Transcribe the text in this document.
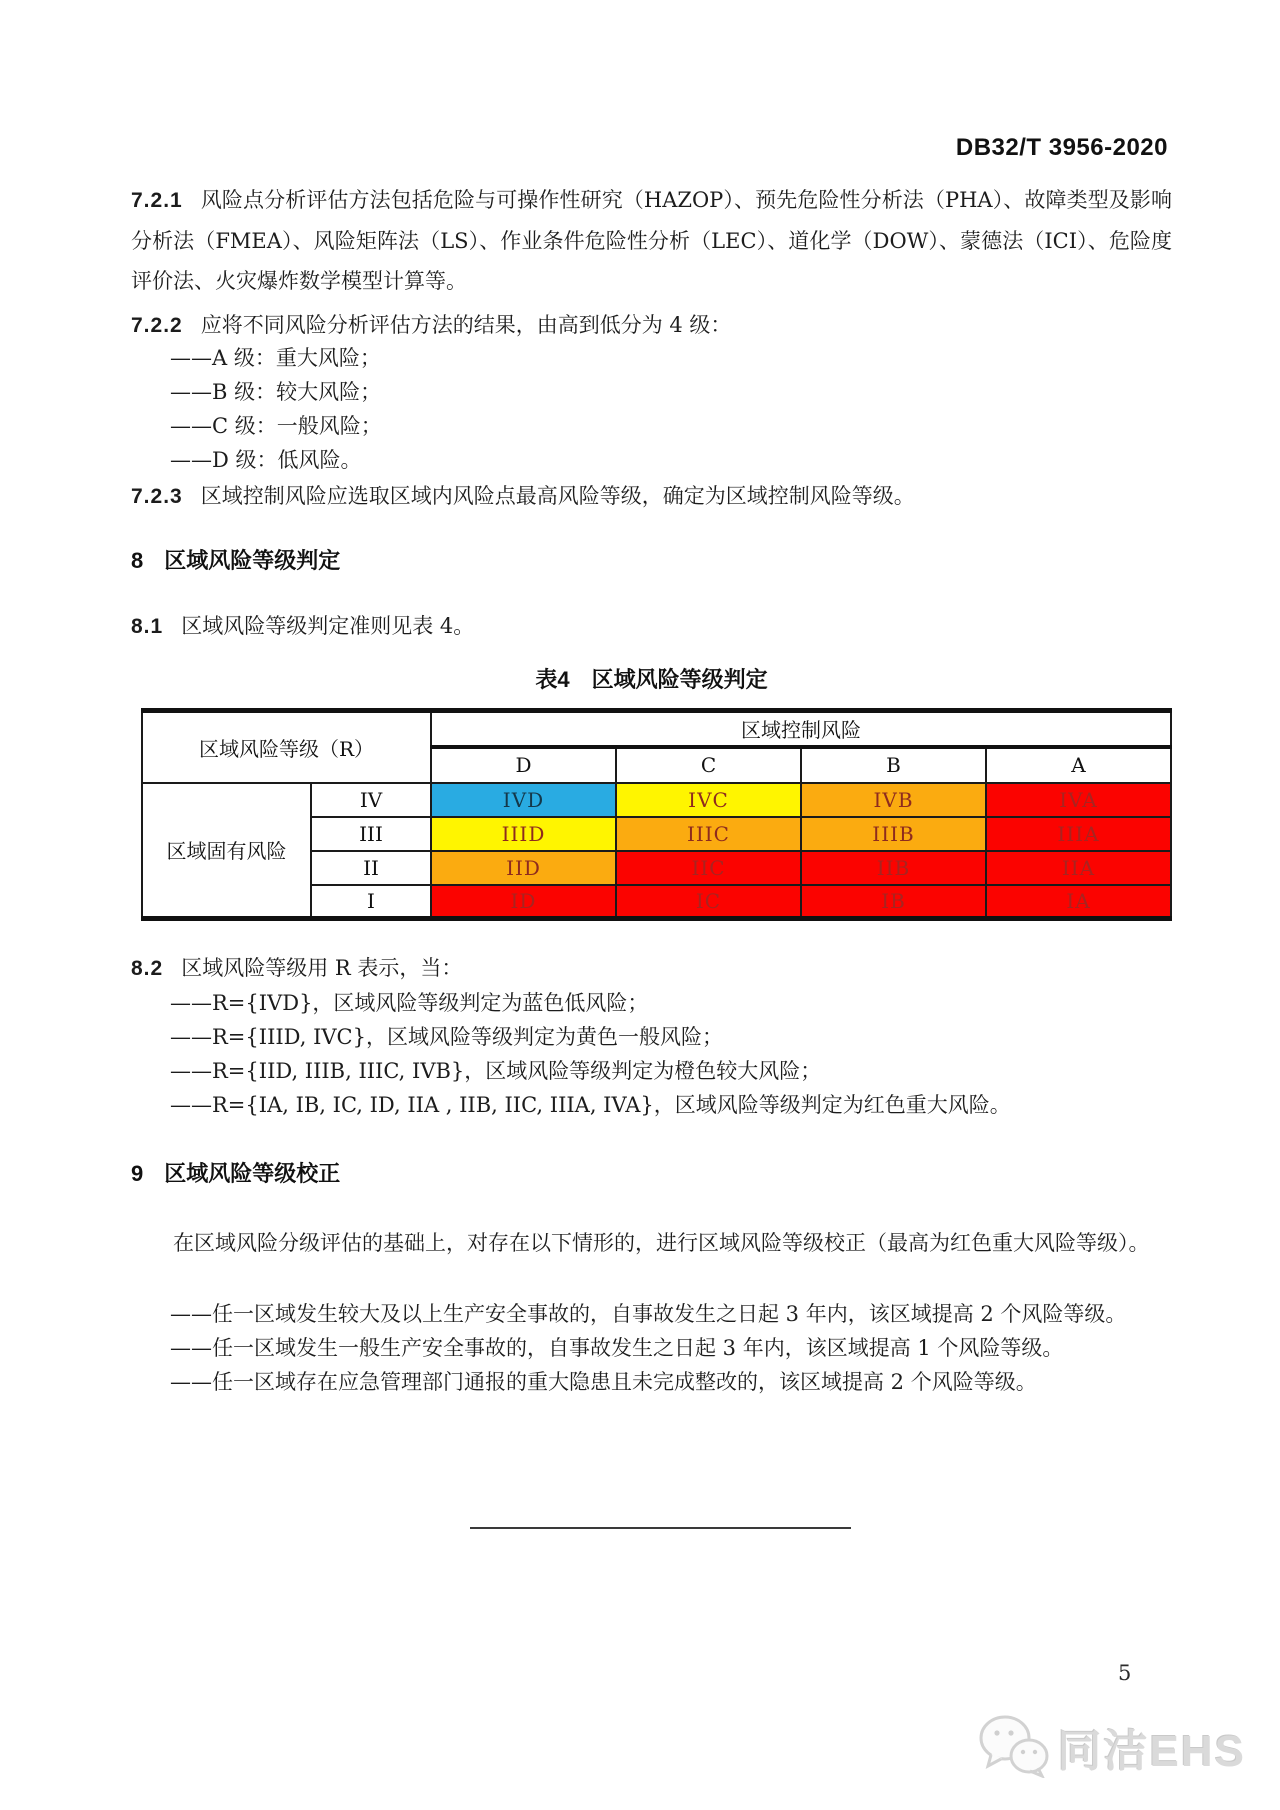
DB32/T 3956-2020
7.2.1 风险点分析评估方法包括危险与可操作性研究（HAZOP）、预先危险性分析法（PHA）、故障类型及影响分析法（FMEA）、风险矩阵法（LS）、作业条件危险性分析（LEC）、道化学（DOW）、蒙德法（ICI）、危险度评价法、火灾爆炸数学模型计算等。
7.2.2 应将不同风险分析评估方法的结果，由高到低分为 4 级：
——A 级：重大风险；
——B 级：较大风险；
——C 级：一般风险；
——D 级：低风险。
7.2.3 区域控制风险应选取区域内风险点最高风险等级，确定为区域控制风险等级。
8 区域风险等级判定
8.1 区域风险等级判定准则见表 4。
表4　区域风险等级判定
区域风险等级（R）		区域控制风险			
		D	C	B	A
区域固有风险	IV	IVD	IVC	IVB	IVA
	III	IIID	IIIC	IIIB	IIIA
	II	IID	IIC	IIB	IIA
	I	ID	IC	IB	IA
8.2 区域风险等级用 R 表示，当：
——R={IVD}，区域风险等级判定为蓝色低风险；
——R={IIID, IVC}，区域风险等级判定为黄色一般风险；
——R={IID, IIIB, IIIC, IVB}，区域风险等级判定为橙色较大风险；
——R={IA, IB, IC, ID, IIA , IIB, IIC, IIIA, IVA}，区域风险等级判定为红色重大风险。
9 区域风险等级校正
在区域风险分级评估的基础上，对存在以下情形的，进行区域风险等级校正（最高为红色重大风险等级）。
——任一区域发生较大及以上生产安全事故的，自事故发生之日起 3 年内，该区域提高 2 个风险等级。
——任一区域发生一般生产安全事故的，自事故发生之日起 3 年内，该区域提高 1 个风险等级。
——任一区域存在应急管理部门通报的重大隐患且未完成整改的，该区域提高 2 个风险等级。
5
同洁EHS
